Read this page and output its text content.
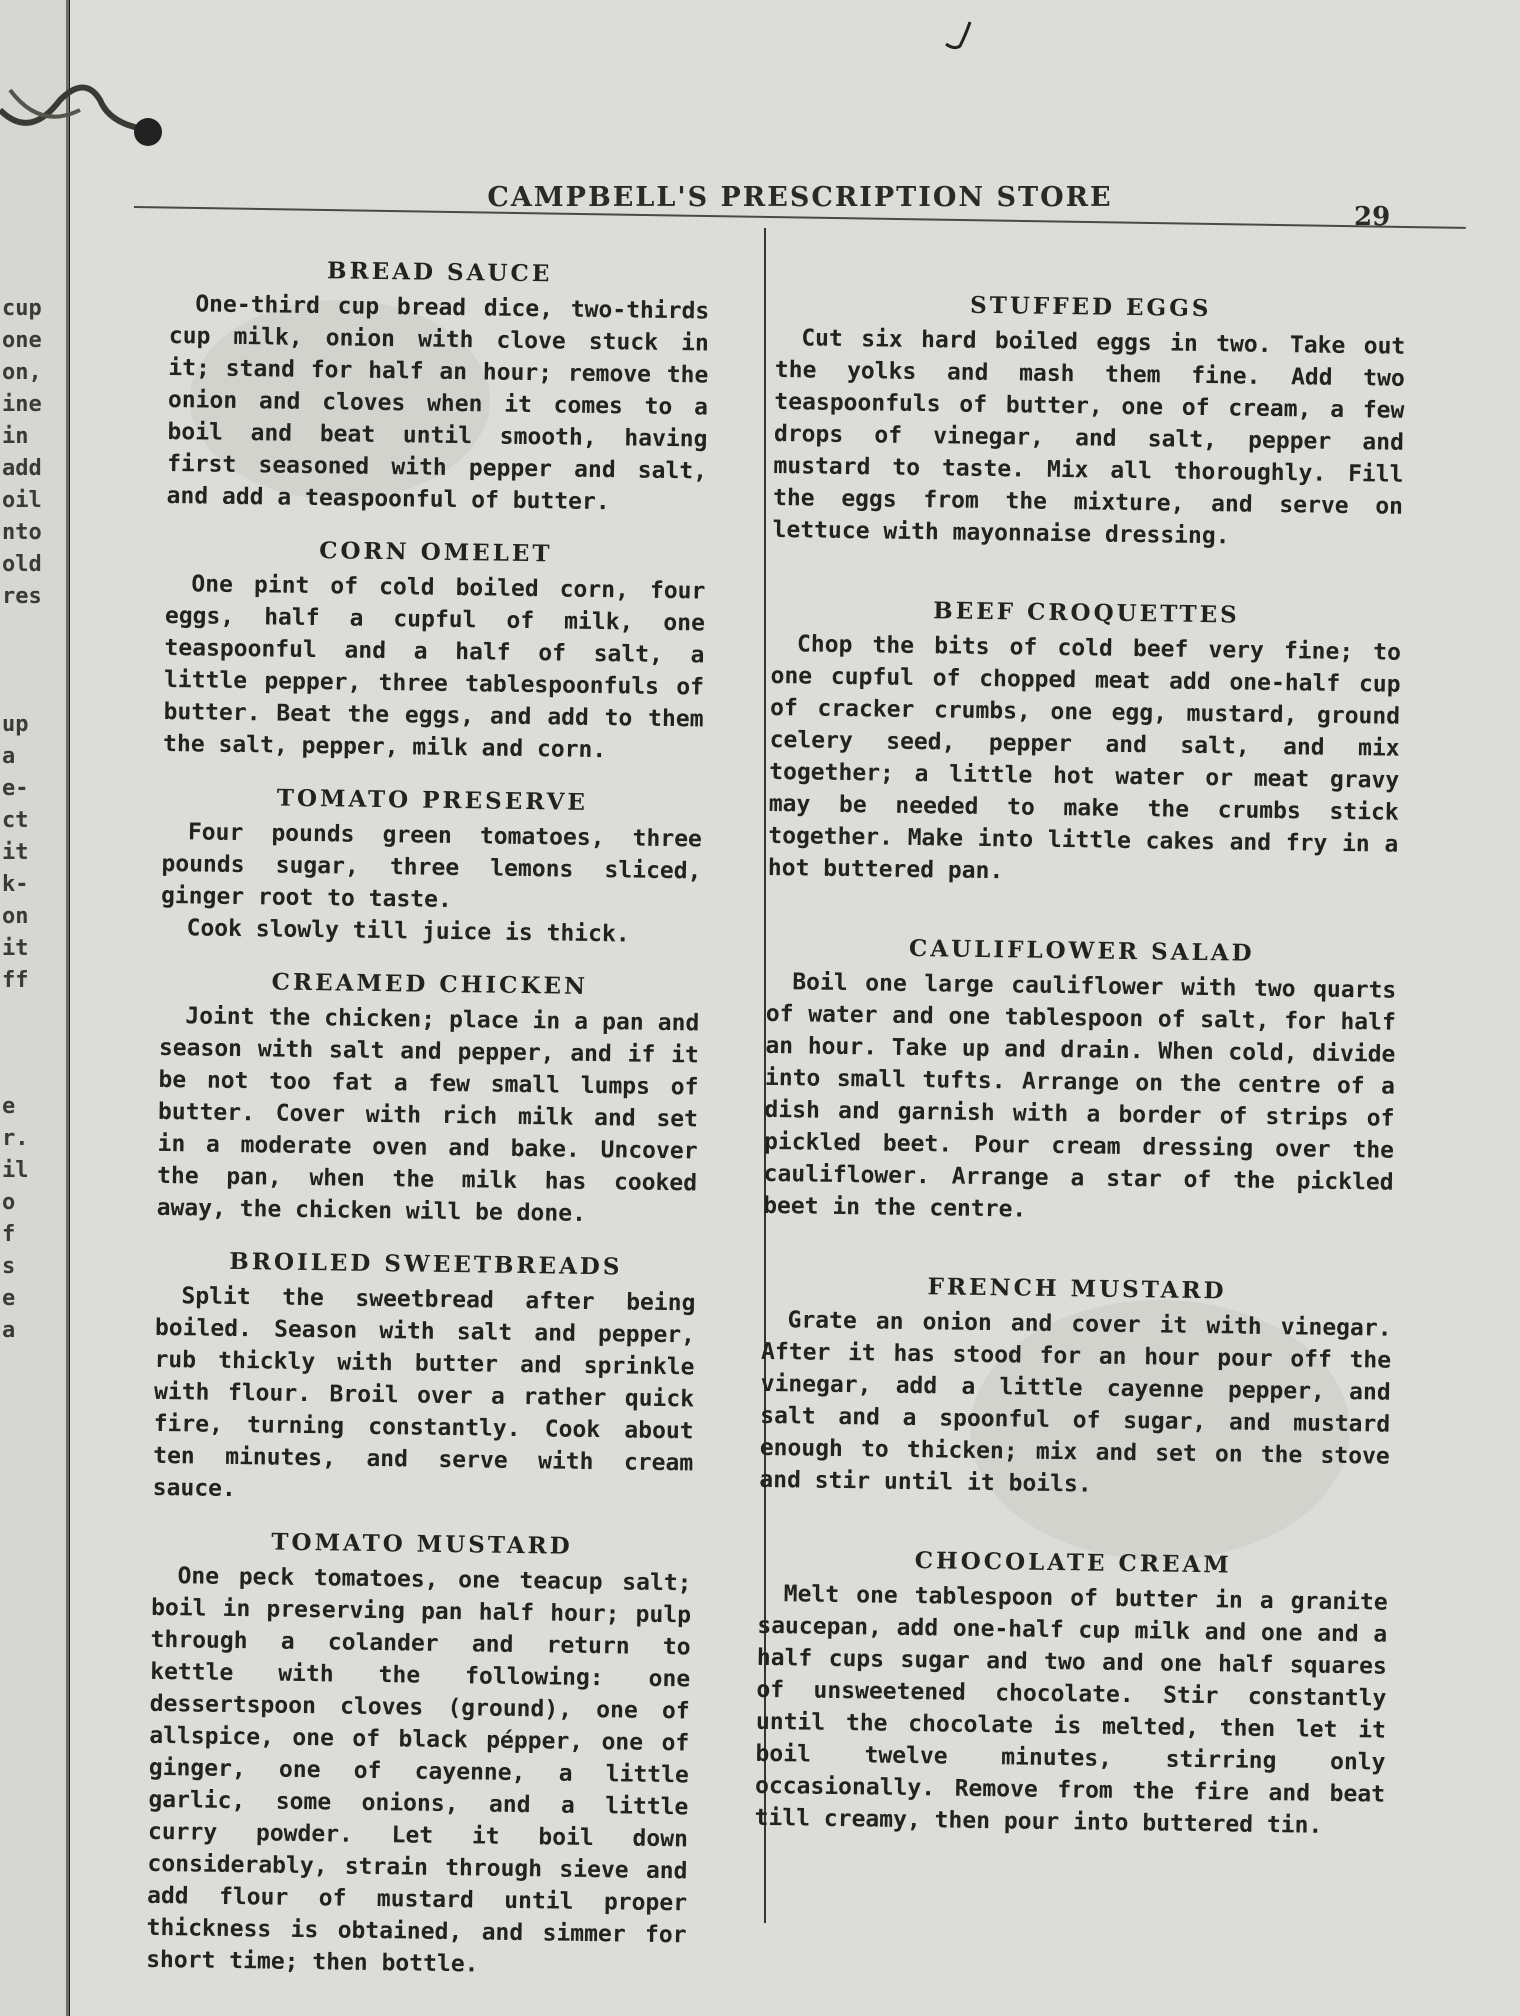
cup
one
on,
ine
in
add
oil
nto
old
res
up
a
e-
ct
it
k-
on
it
ff
e
r.
il
o
f
s
e
a
CAMPBELL'S PRESCRIPTION STORE
29
BREAD SAUCE

One-third cup bread dice, two-thirds cup milk, onion with clove stuck in it; stand for half an hour; remove the onion and cloves when it comes to a boil and beat until smooth, having first seasoned with pepper and salt, and add a teaspoonful of butter.

CORN OMELET

One pint of cold boiled corn, four eggs, half a cupful of milk, one teaspoonful and a half of salt, a little pepper, three tablespoonfuls of butter. Beat the eggs, and add to them the salt, pepper, milk and corn.

TOMATO PRESERVE

Four pounds green tomatoes, three pounds sugar, three lemons sliced, ginger root to taste.

Cook slowly till juice is thick.

CREAMED CHICKEN

Joint the chicken; place in a pan and season with salt and pepper, and if it be not too fat a few small lumps of butter. Cover with rich milk and set in a moderate oven and bake. Uncover the pan, when the milk has cooked away, the chicken will be done.

BROILED SWEETBREADS

Split the sweetbread after being boiled. Season with salt and pepper, rub thickly with butter and sprinkle with flour. Broil over a rather quick fire, turning constantly. Cook about ten minutes, and serve with cream sauce.

TOMATO MUSTARD

One peck tomatoes, one teacup salt; boil in preserving pan half hour; pulp through a colander and return to kettle with the following: one dessertspoon cloves (ground), one of allspice, one of black pépper, one of ginger, one of cayenne, a little garlic, some onions, and a little curry powder. Let it boil down considerably, strain through sieve and add flour of mustard until proper thickness is obtained, and simmer for short time; then bottle.

STUFFED EGGS

Cut six hard boiled eggs in two. Take out the yolks and mash them fine. Add two teaspoonfuls of butter, one of cream, a few drops of vinegar, and salt, pepper and mustard to taste. Mix all thoroughly. Fill the eggs from the mixture, and serve on lettuce with mayonnaise dressing.

BEEF CROQUETTES

Chop the bits of cold beef very fine; to one cupful of chopped meat add one-half cup of cracker crumbs, one egg, mustard, ground celery seed, pepper and salt, and mix together; a little hot water or meat gravy may be needed to make the crumbs stick together. Make into little cakes and fry in a hot buttered pan.

CAULIFLOWER SALAD

Boil one large cauliflower with two quarts of water and one tablespoon of salt, for half an hour. Take up and drain. When cold, divide into small tufts. Arrange on the centre of a dish and garnish with a border of strips of pickled beet. Pour cream dressing over the cauliflower. Arrange a star of the pickled beet in the centre.

FRENCH MUSTARD

Grate an onion and cover it with vinegar. After it has stood for an hour pour off the vinegar, add a little cayenne pepper, and salt and a spoonful of sugar, and mustard enough to thicken; mix and set on the stove and stir until it boils.

CHOCOLATE CREAM

Melt one tablespoon of butter in a granite saucepan, add one-half cup milk and one and a half cups sugar and two and one half squares of unsweetened chocolate. Stir constantly until the chocolate is melted, then let it boil twelve minutes, stirring only occasionally. Remove from the fire and beat till creamy, then pour into buttered tin.
